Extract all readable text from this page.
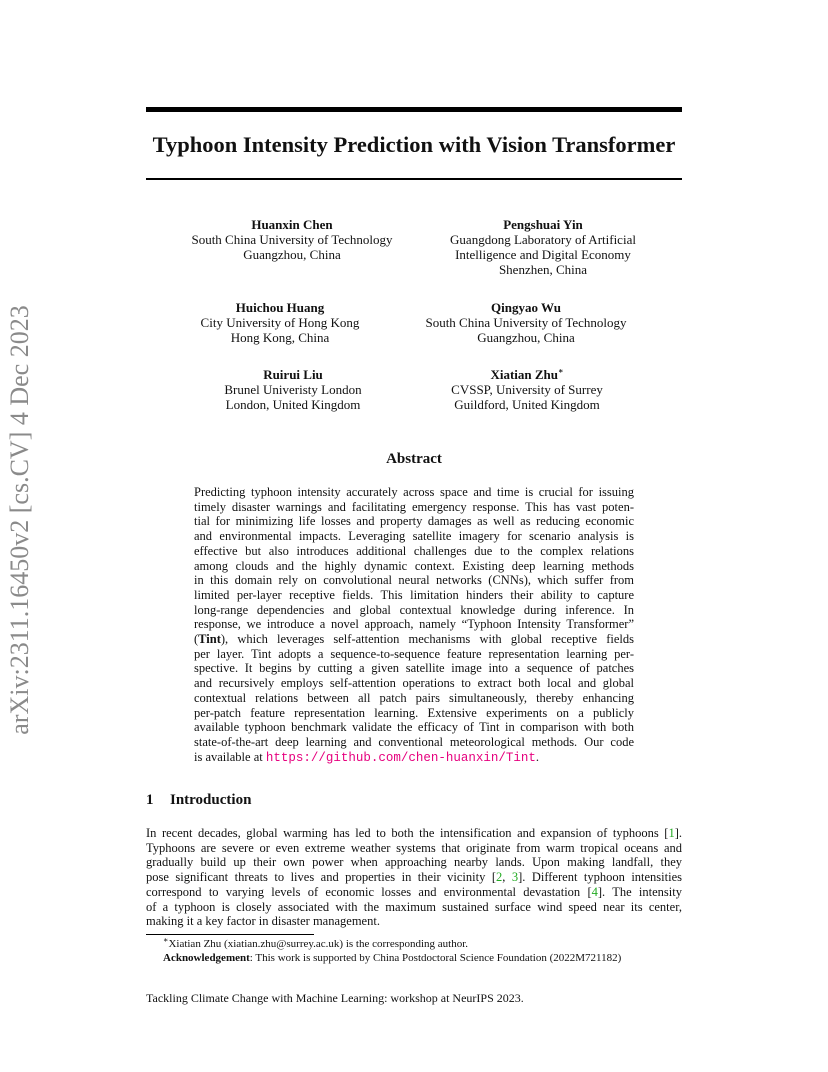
arXiv:2311.16450v2 [cs.CV] 4 Dec 2023
Typhoon Intensity Prediction with Vision Transformer
Huanxin Chen
South China University of Technology
Guangzhou, China
Pengshuai Yin
Guangdong Laboratory of Artificial
Intelligence and Digital Economy
Shenzhen, China
Huichou Huang
City University of Hong Kong
Hong Kong, China
Qingyao Wu
South China University of Technology
Guangzhou, China
Ruirui Liu
Brunel Univeristy London
London, United Kingdom
Xiatian Zhu∗
CVSSP, University of Surrey
Guildford, United Kingdom
Abstract
Predicting typhoon intensity accurately across space and time is crucial for issuing
timely disaster warnings and facilitating emergency response. This has vast poten-
tial for minimizing life losses and property damages as well as reducing economic
and environmental impacts. Leveraging satellite imagery for scenario analysis is
effective but also introduces additional challenges due to the complex relations
among clouds and the highly dynamic context. Existing deep learning methods
in this domain rely on convolutional neural networks (CNNs), which suffer from
limited per-layer receptive fields. This limitation hinders their ability to capture
long-range dependencies and global contextual knowledge during inference. In
response, we introduce a novel approach, namely “Typhoon Intensity Transformer”
(Tint), which leverages self-attention mechanisms with global receptive fields
per layer. Tint adopts a sequence-to-sequence feature representation learning per-
spective. It begins by cutting a given satellite image into a sequence of patches
and recursively employs self-attention operations to extract both local and global
contextual relations between all patch pairs simultaneously, thereby enhancing
per-patch feature representation learning. Extensive experiments on a publicly
available typhoon benchmark validate the efficacy of Tint in comparison with both
state-of-the-art deep learning and conventional meteorological methods. Our code
is available at https://github.com/chen-huanxin/Tint.
1 Introduction
In recent decades, global warming has led to both the intensification and expansion of typhoons [1].
Typhoons are severe or even extreme weather systems that originate from warm tropical oceans and
gradually build up their own power when approaching nearby lands. Upon making landfall, they
pose significant threats to lives and properties in their vicinity [2, 3]. Different typhoon intensities
correspond to varying levels of economic losses and environmental devastation [4]. The intensity
of a typhoon is closely associated with the maximum sustained surface wind speed near its center,
making it a key factor in disaster management.
∗Xiatian Zhu (xiatian.zhu@surrey.ac.uk) is the corresponding author.
Acknowledgement: This work is supported by China Postdoctoral Science Foundation (2022M721182)
Tackling Climate Change with Machine Learning: workshop at NeurIPS 2023.
